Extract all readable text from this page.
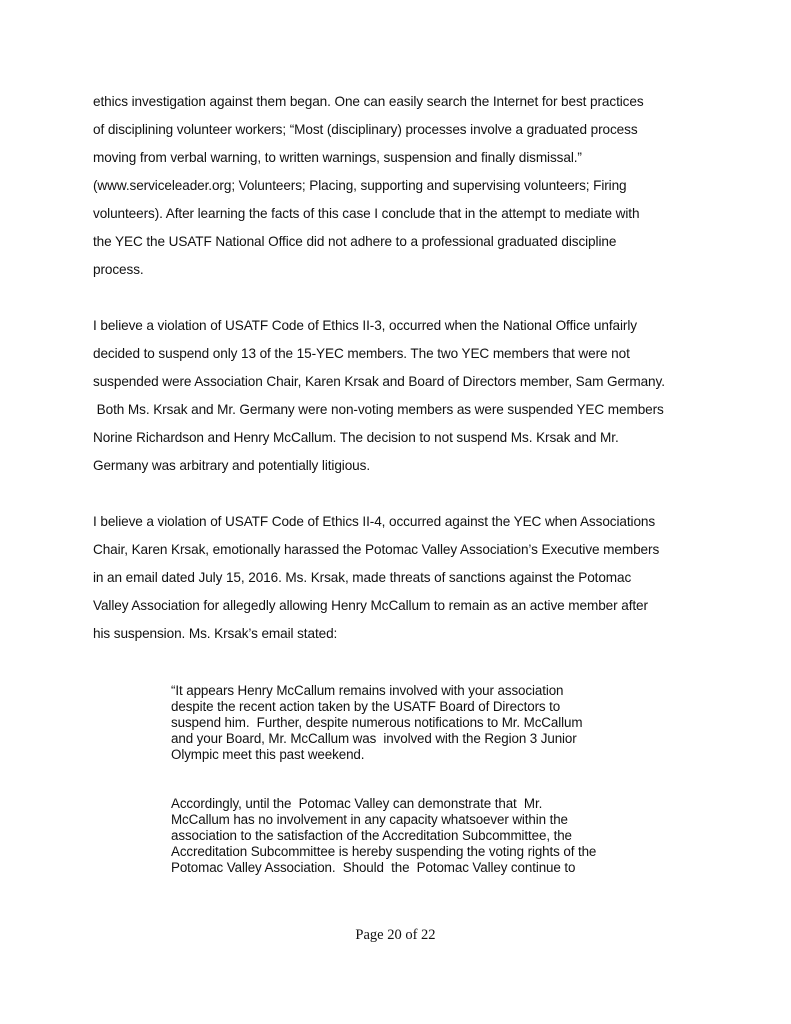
ethics investigation against them began. One can easily search the Internet for best practices
of disciplining volunteer workers; “Most (disciplinary) processes involve a graduated process
moving from verbal warning, to written warnings, suspension and finally dismissal.”
(www.serviceleader.org; Volunteers; Placing, supporting and supervising volunteers; Firing
volunteers). After learning the facts of this case I conclude that in the attempt to mediate with
the YEC the USATF National Office did not adhere to a professional graduated discipline
process.
I believe a violation of USATF Code of Ethics II-3, occurred when the National Office unfairly
decided to suspend only 13 of the 15-YEC members. The two YEC members that were not
suspended were Association Chair, Karen Krsak and Board of Directors member, Sam Germany.
Both Ms. Krsak and Mr. Germany were non-voting members as were suspended YEC members
Norine Richardson and Henry McCallum. The decision to not suspend Ms. Krsak and Mr.
Germany was arbitrary and potentially litigious.
I believe a violation of USATF Code of Ethics II-4, occurred against the YEC when Associations
Chair, Karen Krsak, emotionally harassed the Potomac Valley Association’s Executive members
in an email dated July 15, 2016. Ms. Krsak, made threats of sanctions against the Potomac
Valley Association for allegedly allowing Henry McCallum to remain as an active member after
his suspension. Ms. Krsak’s email stated:
“It appears Henry McCallum remains involved with your association
despite the recent action taken by the USATF Board of Directors to
suspend him.  Further, despite numerous notifications to Mr. McCallum
and your Board, Mr. McCallum was  involved with the Region 3 Junior
Olympic meet this past weekend.
Accordingly, until the  Potomac Valley can demonstrate that  Mr.
McCallum has no involvement in any capacity whatsoever within the
association to the satisfaction of the Accreditation Subcommittee, the
Accreditation Subcommittee is hereby suspending the voting rights of the
Potomac Valley Association.  Should  the  Potomac Valley continue to
Page 20 of 22
